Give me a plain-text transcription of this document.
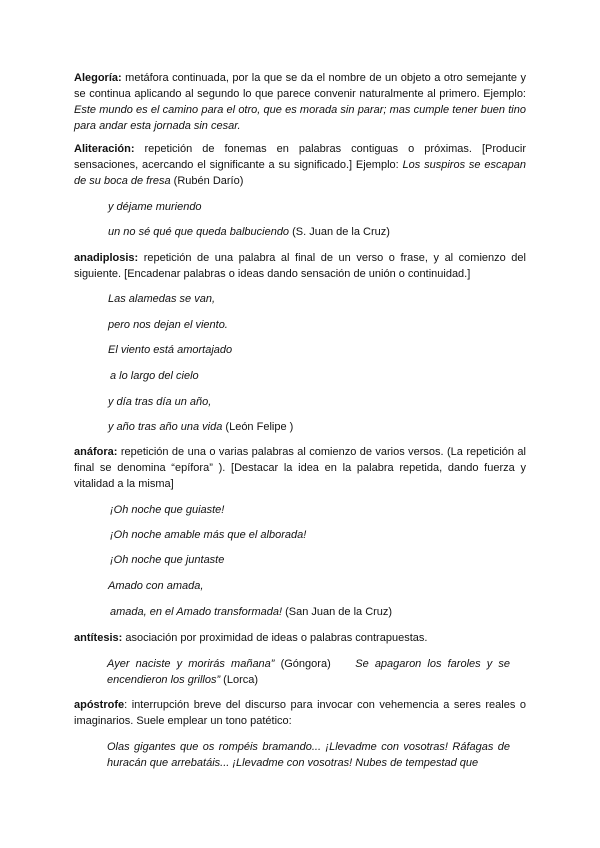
Alegoría: metáfora continuada, por la que se da el nombre de un objeto a otro semejante y se continua aplicando al segundo lo que parece convenir naturalmente al primero. Ejemplo: Este mundo es el camino para el otro, que es morada sin parar; mas cumple tener buen tino para andar esta jornada sin cesar.

Aliteración: repetición de fonemas en palabras contiguas o próximas. [Producir sensaciones, acercando el significante a su significado.] Ejemplo: Los suspiros se escapan de su boca de fresa (Rubén Darío)

y déjame muriendo

un no sé qué que queda balbuciendo (S. Juan de la Cruz)

anadiplosis: repetición de una palabra al final de un verso o frase, y al comienzo del siguiente. [Encadenar palabras o ideas dando sensación de unión o continuidad.]

Las alamedas se van,

pero nos dejan el viento.

El viento está amortajado

a lo largo del cielo

y día tras día un año,

y año tras año una vida (León Felipe )

anáfora: repetición de una o varias palabras al comienzo de varios versos. (La repetición al final se denomina “epífora” ). [Destacar la idea en la palabra repetida, dando fuerza y vitalidad a la misma]

¡Oh noche que guiaste!

¡Oh noche amable más que el alborada!

¡Oh noche que juntaste

Amado con amada,

amada, en el Amado transformada! (San Juan de la Cruz)

antítesis: asociación por proximidad de ideas o palabras contrapuestas.

Ayer naciste y morirás mañana” (Góngora) Se apagaron los faroles y se encendieron los grillos” (Lorca)

apóstrofe: interrupción breve del discurso para invocar con vehemencia a seres reales o imaginarios. Suele emplear un tono patético:

Olas gigantes que os rompéis bramando... ¡Llevadme con vosotras! Ráfagas de huracán que arrebatáis... ¡Llevadme con vosotras! Nubes de tempestad que
